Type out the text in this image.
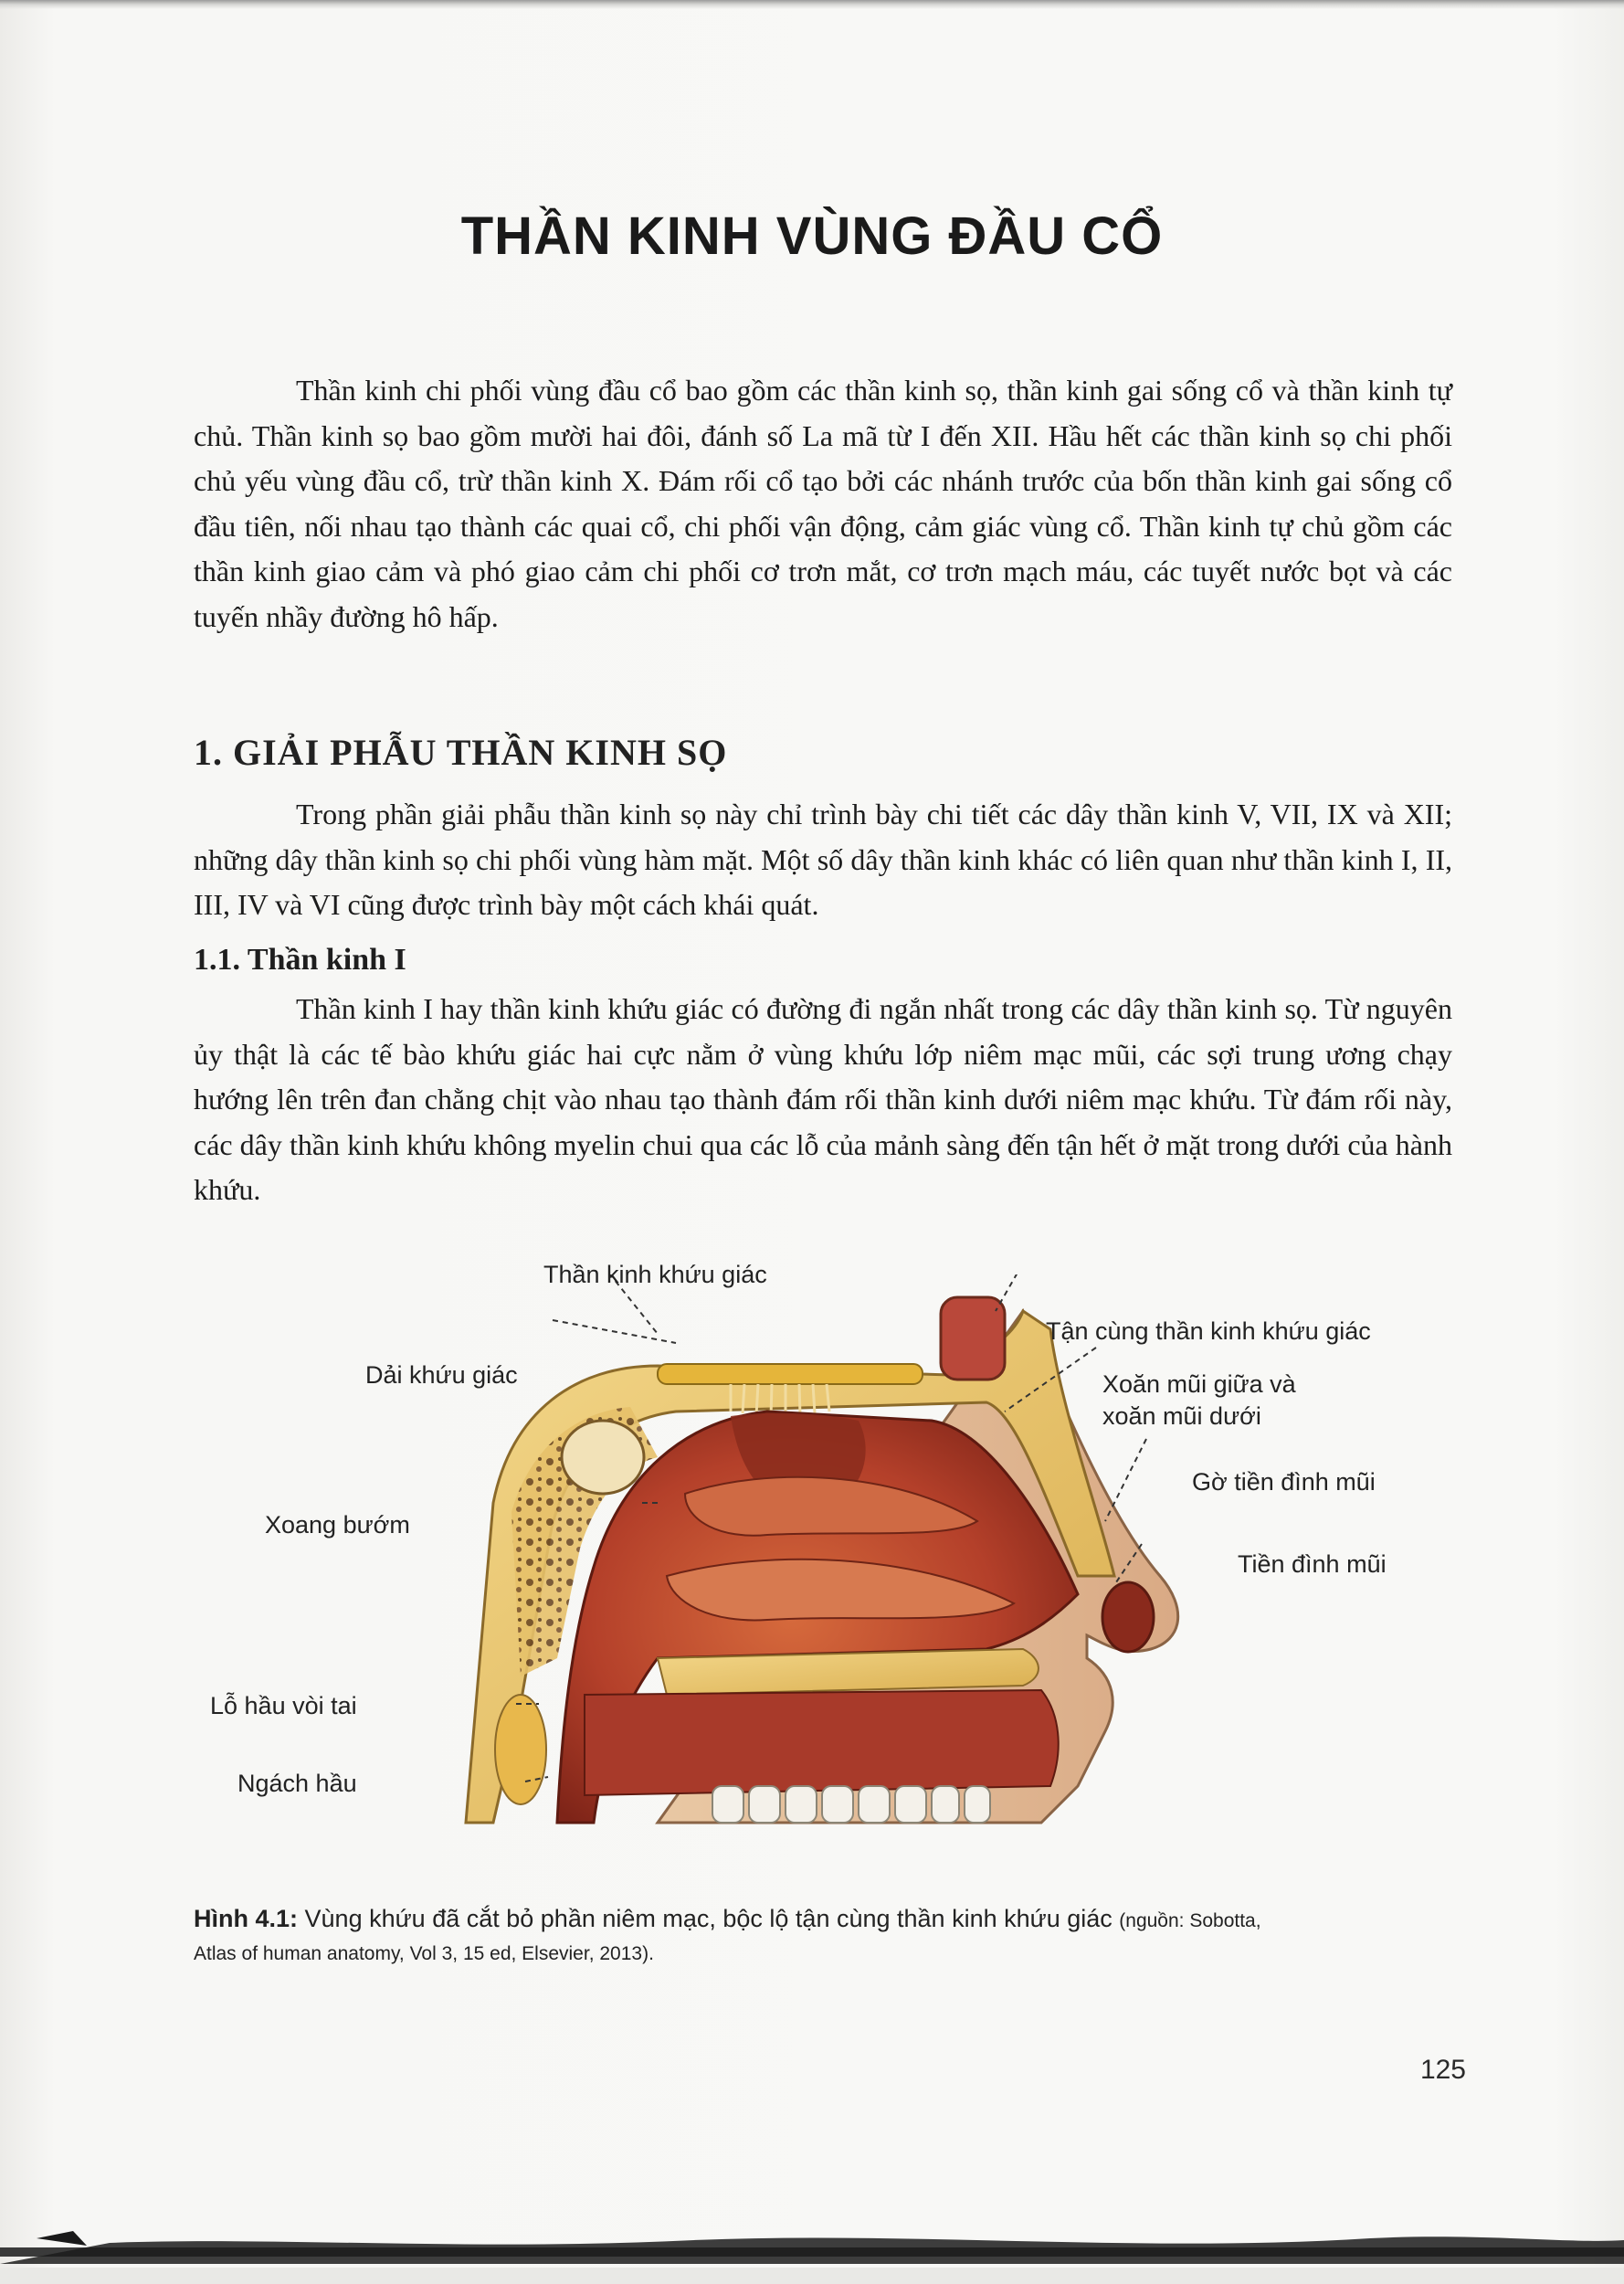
THẦN KINH VÙNG ĐẦU CỔ
Thần kinh chi phối vùng đầu cổ bao gồm các thần kinh sọ, thần kinh gai sống cổ và thần kinh tự chủ. Thần kinh sọ bao gồm mười hai đôi, đánh số La mã từ I đến XII. Hầu hết các thần kinh sọ chi phối chủ yếu vùng đầu cổ, trừ thần kinh X. Đám rối cổ tạo bởi các nhánh trước của bốn thần kinh gai sống cổ đầu tiên, nối nhau tạo thành các quai cổ, chi phối vận động, cảm giác vùng cổ. Thần kinh tự chủ gồm các thần kinh giao cảm và phó giao cảm chi phối cơ trơn mắt, cơ trơn mạch máu, các tuyết nước bọt và các tuyến nhầy đường hô hấp.
1. GIẢI PHẪU THẦN KINH SỌ
Trong phần giải phẫu thần kinh sọ này chỉ trình bày chi tiết các dây thần kinh V, VII, IX và XII; những dây thần kinh sọ chi phối vùng hàm mặt. Một số dây thần kinh khác có liên quan như thần kinh I, II, III, IV và VI cũng được trình bày một cách khái quát.
1.1. Thần kinh I
Thần kinh I hay thần kinh khứu giác có đường đi ngắn nhất trong các dây thần kinh sọ. Từ nguyên ủy thật là các tế bào khứu giác hai cực nằm ở vùng khứu lớp niêm mạc mũi, các sợi trung ương chạy hướng lên trên đan chằng chịt vào nhau tạo thành đám rối thần kinh dưới niêm mạc khứu. Từ đám rối này, các dây thần kinh khứu không myelin chui qua các lỗ của mảnh sàng đến tận hết ở mặt trong dưới của hành khứu.
Thần kinh khứu giác
Dải khứu giác
Tận cùng thần kinh khứu giác
Xoăn mũi giữa và
xoăn mũi dưới
Gờ tiền đình mũi
Tiền đình mũi
Xoang bướm
Lỗ hầu vòi tai
Ngách hầu
Hình 4.1: Vùng khứu đã cắt bỏ phần niêm mạc, bộc lộ tận cùng thần kinh khứu giác (nguồn: Sobotta,
Atlas of human anatomy, Vol 3, 15 ed, Elsevier, 2013).
125
